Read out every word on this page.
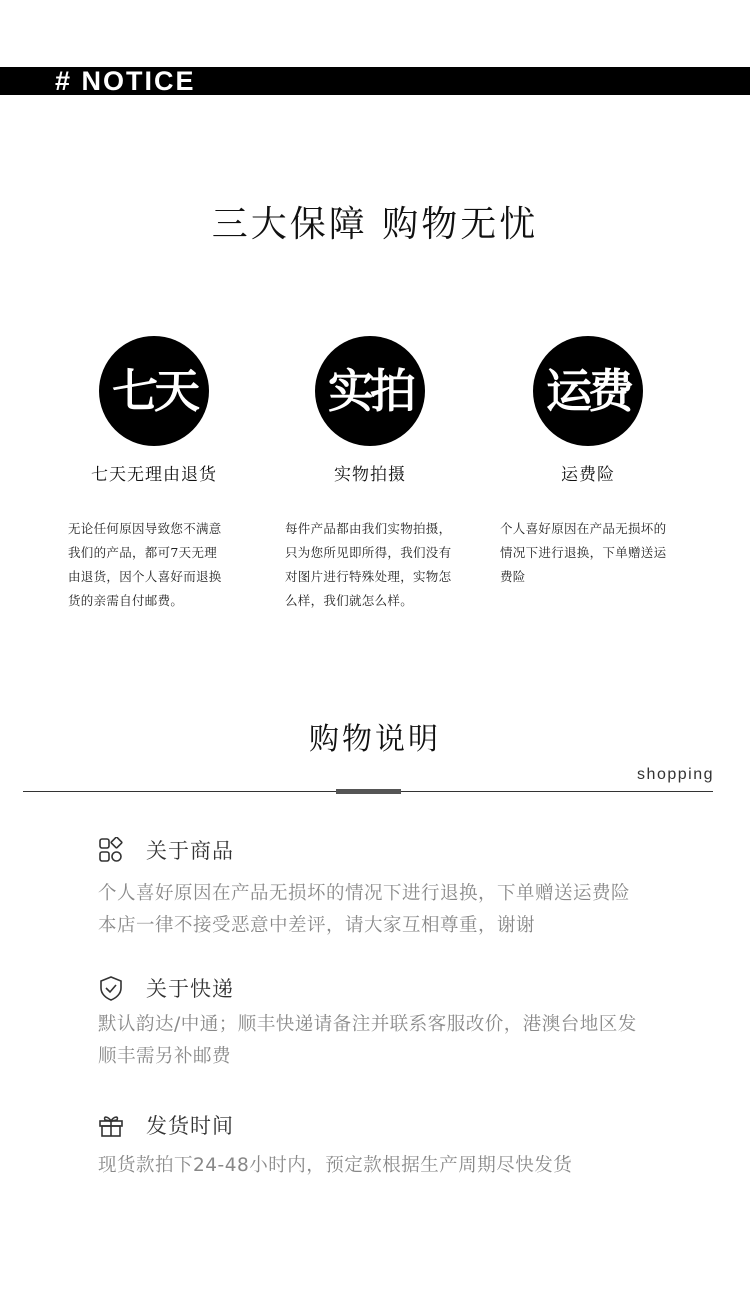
# NOTICE
三大保障 购物无忧
七天
七天无理由退货
无论任何原因导致您不满意
我们的产品，都可7天无理
由退货，因个人喜好而退换
货的亲需自付邮费。
实拍
实物拍摄
每件产品都由我们实物拍摄，
只为您所见即所得，我们没有
对图片进行特殊处理，实物怎
么样，我们就怎么样。
运费
运费险
个人喜好原因在产品无损坏的
情况下进行退换，下单赠送运
费险
购物说明
shopping
关于商品
个人喜好原因在产品无损坏的情况下进行退换，下单赠送运费险
本店一律不接受恶意中差评，请大家互相尊重，谢谢
关于快递
默认韵达/中通；顺丰快递请备注并联系客服改价，港澳台地区发
顺丰需另补邮费
发货时间
现货款拍下24-48小时内，预定款根据生产周期尽快发货
